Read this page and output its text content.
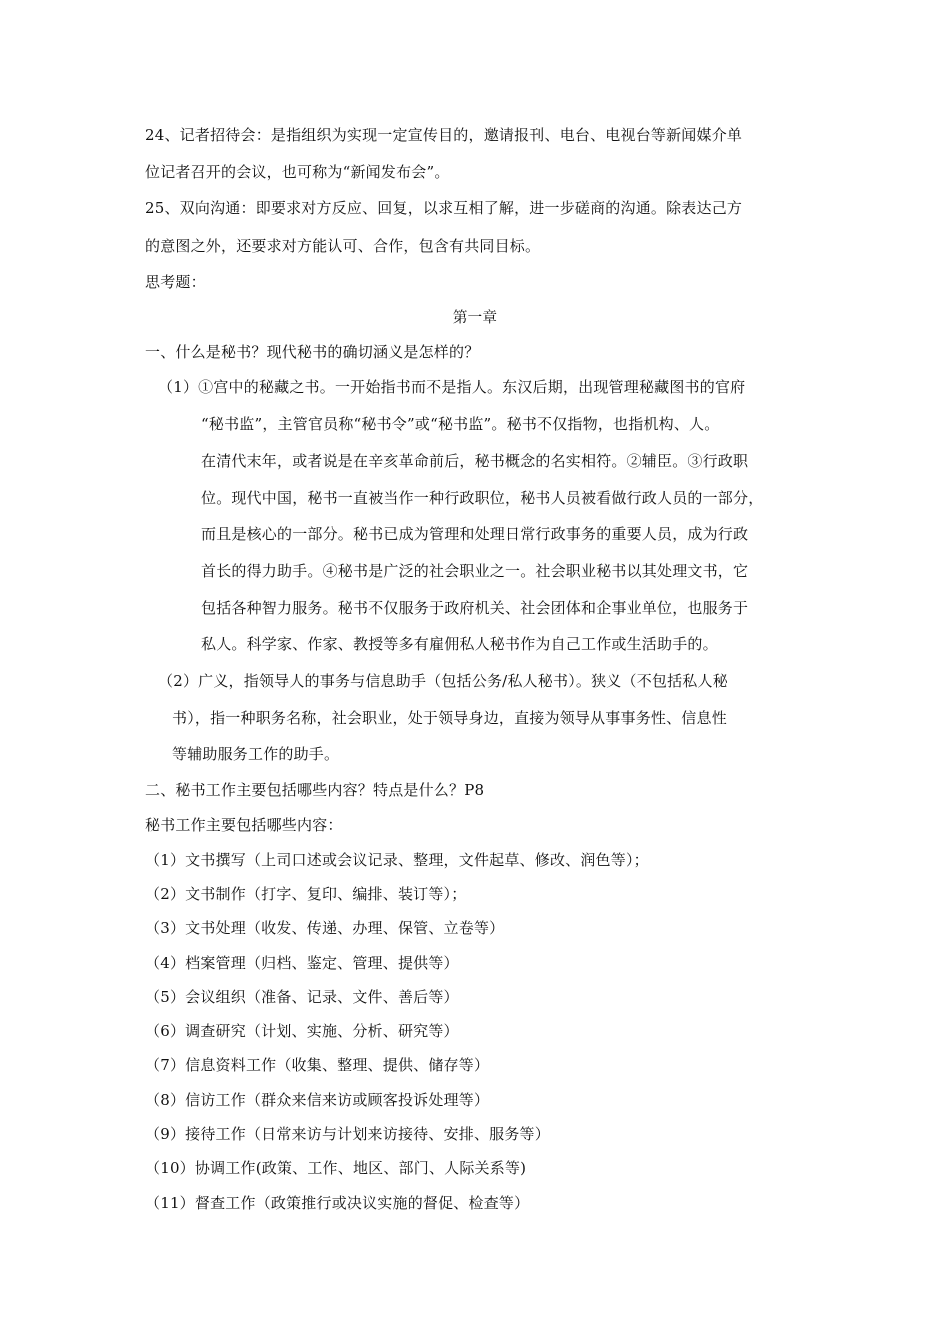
24、记者招待会：是指组织为实现一定宣传目的，邀请报刊、电台、电视台等新闻媒介单
位记者召开的会议，也可称为“新闻发布会”。
25、双向沟通：即要求对方反应、回复，以求互相了解，进一步磋商的沟通。除表达己方
的意图之外，还要求对方能认可、合作，包含有共同目标。
思考题：
第一章
一、什么是秘书？现代秘书的确切涵义是怎样的？
（1）①宫中的秘藏之书。一开始指书而不是指人。东汉后期，出现管理秘藏图书的官府
“秘书监”，主管官员称“秘书令”或“秘书监”。秘书不仅指物，也指机构、人。
在清代末年，或者说是在辛亥革命前后，秘书概念的名实相符。②辅臣。③行政职
位。现代中国，秘书一直被当作一种行政职位，秘书人员被看做行政人员的一部分，
而且是核心的一部分。秘书已成为管理和处理日常行政事务的重要人员，成为行政
首长的得力助手。④秘书是广泛的社会职业之一。社会职业秘书以其处理文书，它
包括各种智力服务。秘书不仅服务于政府机关、社会团体和企事业单位，也服务于
私人。科学家、作家、教授等多有雇佣私人秘书作为自己工作或生活助手的。
（2）广义，指领导人的事务与信息助手（包括公务/私人秘书）。狭义（不包括私人秘
书），指一种职务名称，社会职业，处于领导身边，直接为领导从事事务性、信息性
等辅助服务工作的助手。
二、秘书工作主要包括哪些内容？特点是什么？P8
秘书工作主要包括哪些内容：
（1）文书撰写（上司口述或会议记录、整理，文件起草、修改、润色等）；
（2）文书制作（打字、复印、编排、装订等）；
（3）文书处理（收发、传递、办理、保管、立卷等）
（4）档案管理（归档、鉴定、管理、提供等）
（5）会议组织（准备、记录、文件、善后等）
（6）调查研究（计划、实施、分析、研究等）
（7）信息资料工作（收集、整理、提供、储存等）
（8）信访工作（群众来信来访或顾客投诉处理等）
（9）接待工作（日常来访与计划来访接待、安排、服务等）
（10）协调工作(政策、工作、地区、部门、人际关系等)
（11）督查工作（政策推行或决议实施的督促、检查等）
